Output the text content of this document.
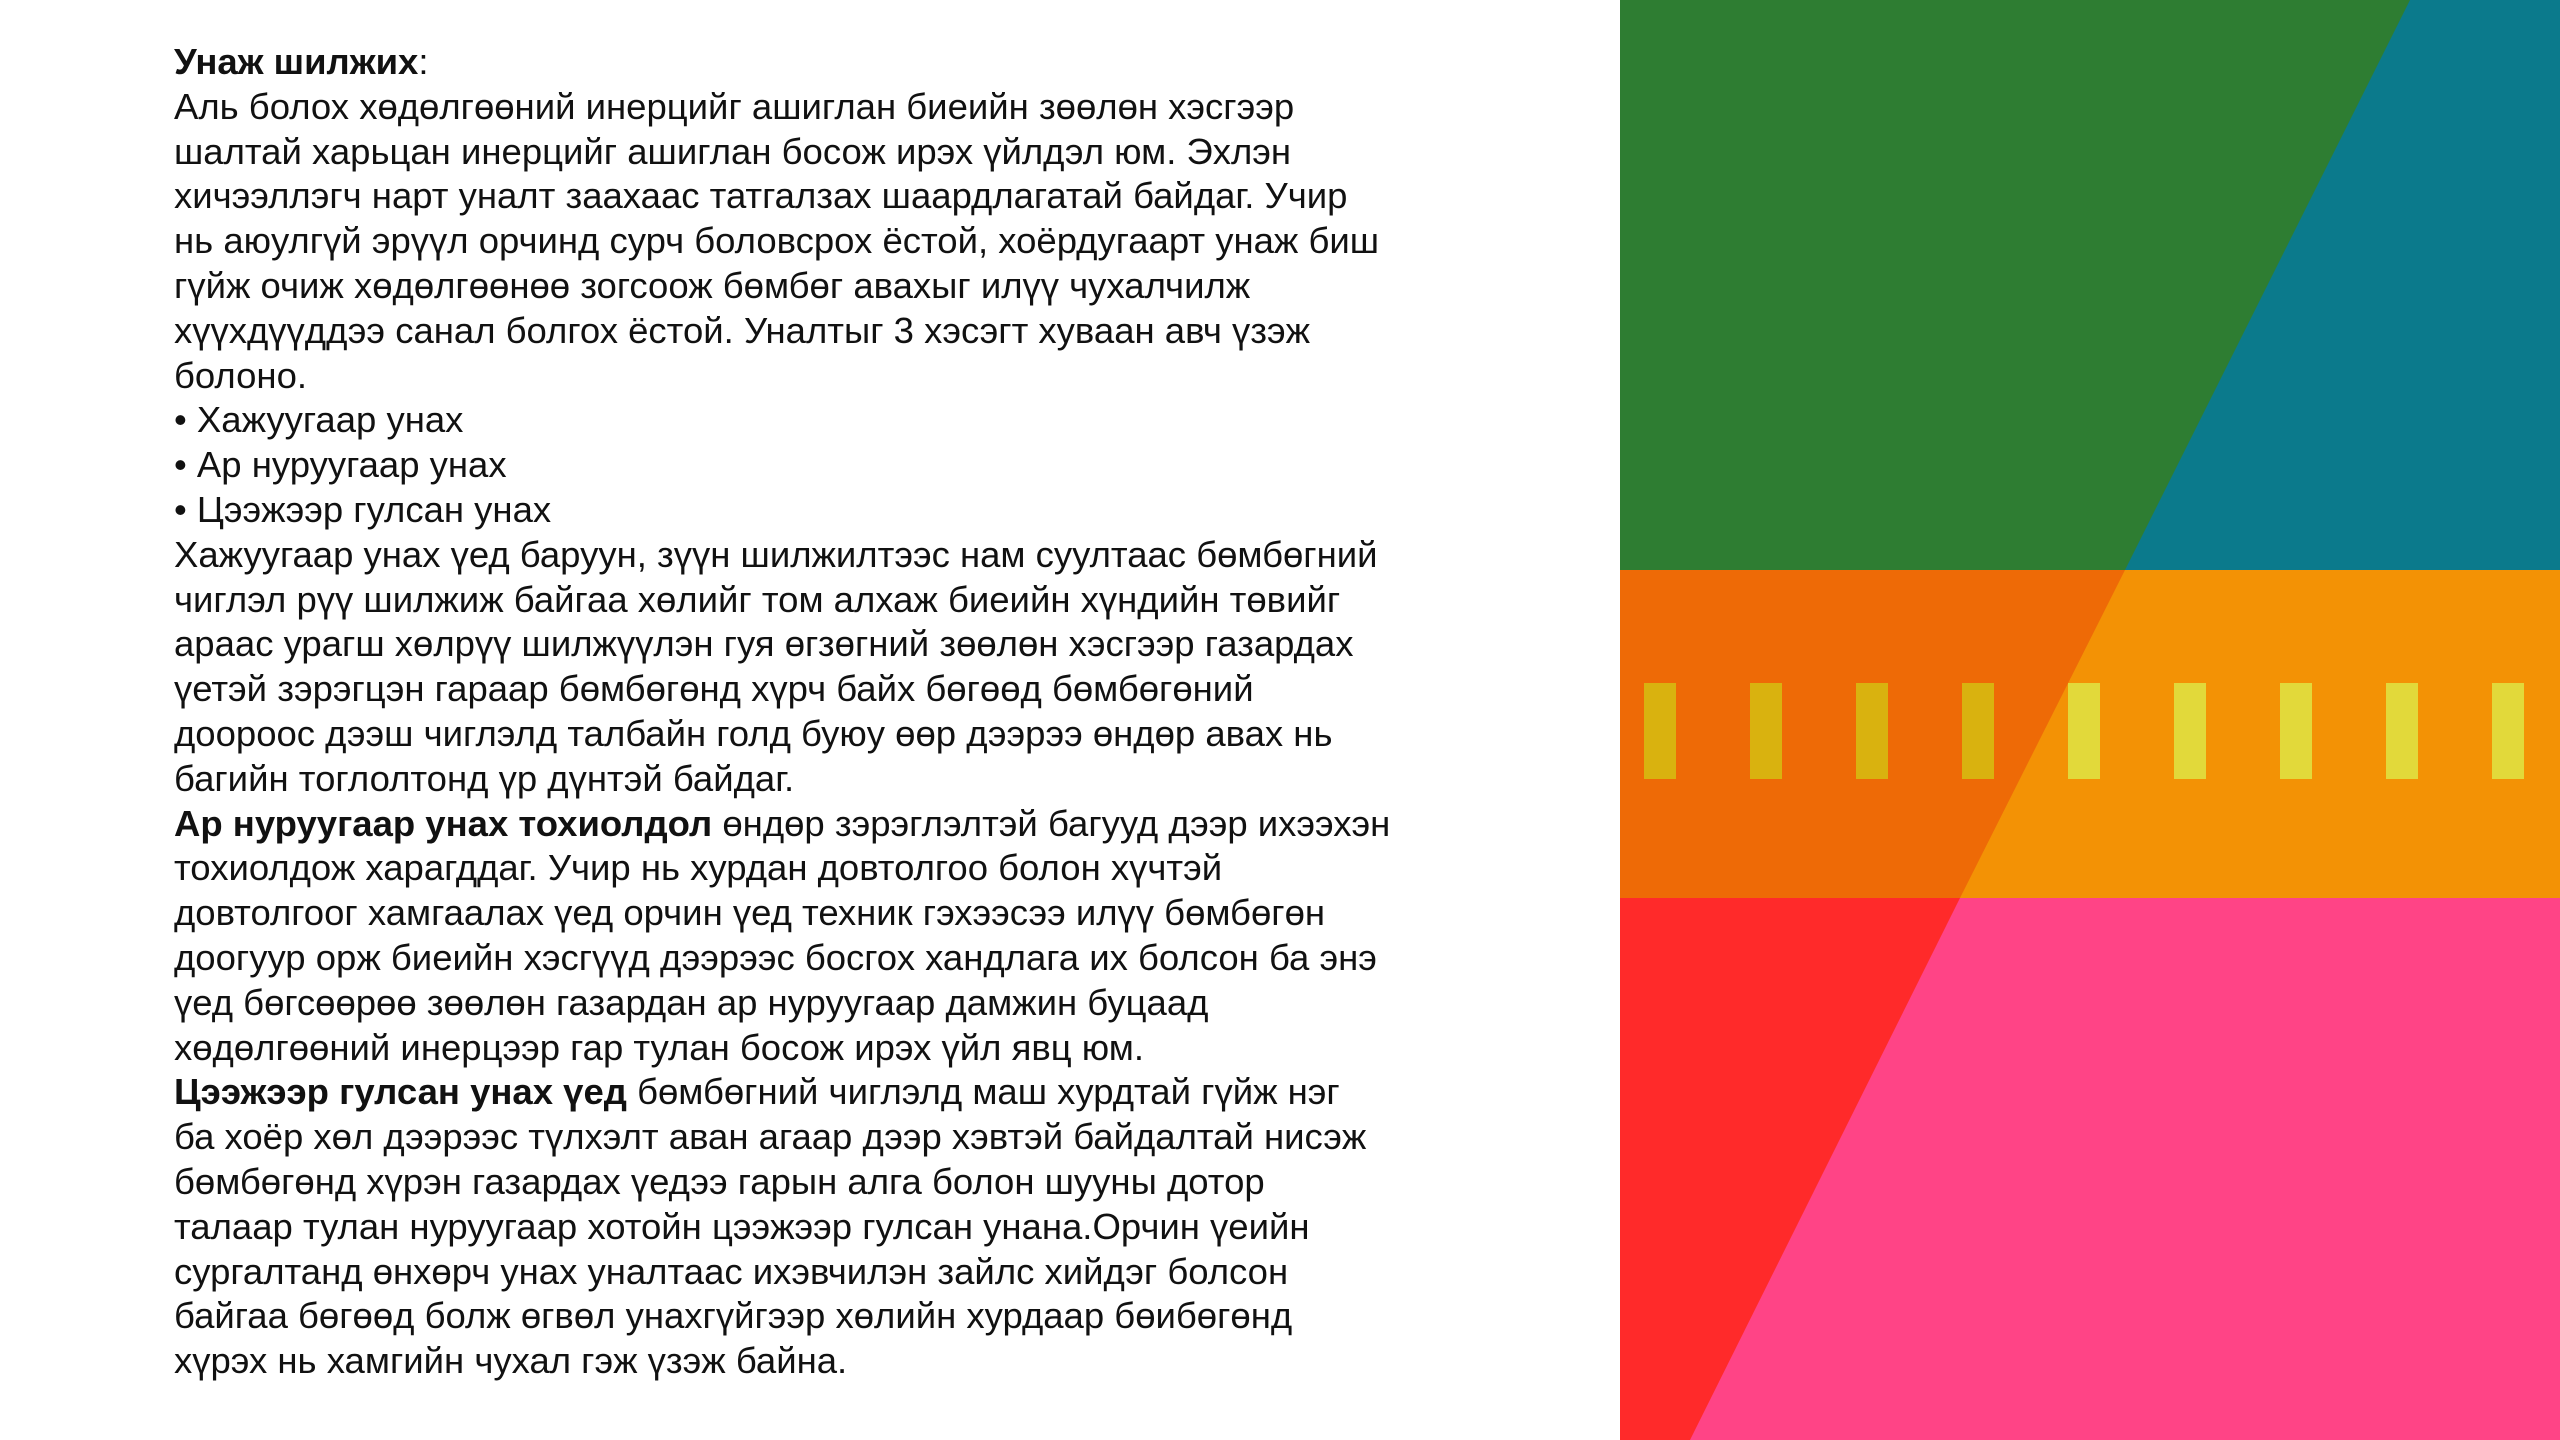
Унаж шилжих:

Аль болох хөдөлгөөний инерцийг ашиглан биеийн зөөлөн хэсгээр
шалтай харьцан инерцийг ашиглан босож ирэх үйлдэл юм. Эхлэн
хичээллэгч нарт уналт заахаас татгалзах шаардлагатай байдаг. Учир
нь аюулгүй эрүүл орчинд сурч боловсрох ёстой, хоёрдугаарт унаж биш
гүйж очиж хөдөлгөөнөө зогсоож бөмбөг авахыг илүү чухалчилж
хүүхдүүддээ санал болгох ёстой. Уналтыг 3 хэсэгт хуваан авч үзэж
болоно.

• Хажуугаар унах

• Ар нуруугаар унах

• Цээжээр гулсан унах

Хажуугаар унах үед баруун, зүүн шилжилтээс нам суултаас бөмбөгний
чиглэл рүү шилжиж байгаа хөлийг том алхаж биеийн хүндийн төвийг
араас урагш хөлрүү шилжүүлэн гуя өгзөгний зөөлөн хэсгээр газардах
үетэй зэрэгцэн гараар бөмбөгөнд хүрч байх бөгөөд бөмбөгөний
доороос дээш чиглэлд талбайн голд буюу өөр дээрээ өндөр авах нь
багийн тоглолтонд үр дүнтэй байдаг.

Ар нуруугаар унах тохиолдол өндөр зэрэглэлтэй багууд дээр ихээхэн
тохиолдож харагддаг. Учир нь хурдан довтолгоо болон хүчтэй
довтолгоог хамгаалах үед орчин үед техник гэхээсээ илүү бөмбөгөн
доогуур орж биеийн хэсгүүд дээрээс босгох хандлага их болсон ба энэ
үед бөгсөөрөө зөөлөн газардан ар нуруугаар дамжин буцаад
хөдөлгөөний инерцээр гар тулан босож ирэх үйл явц юм.

Цээжээр гулсан унах үед бөмбөгний чиглэлд маш хурдтай гүйж нэг
ба хоёр хөл дээрээс түлхэлт аван агаар дээр хэвтэй байдалтай нисэж
бөмбөгөнд хүрэн газардах үедээ гарын алга болон шууны дотор
талаар тулан нуруугаар хотойн цээжээр гулсан унана.Орчин үеийн
сургалтанд өнхөрч унах уналтаас ихэвчилэн зайлс хийдэг болсон
байгаа бөгөөд болж өгвөл унахгүйгээр хөлийн хурдаар бөибөгөнд
хүрэх нь хамгийн чухал гэж үзэж байна.
